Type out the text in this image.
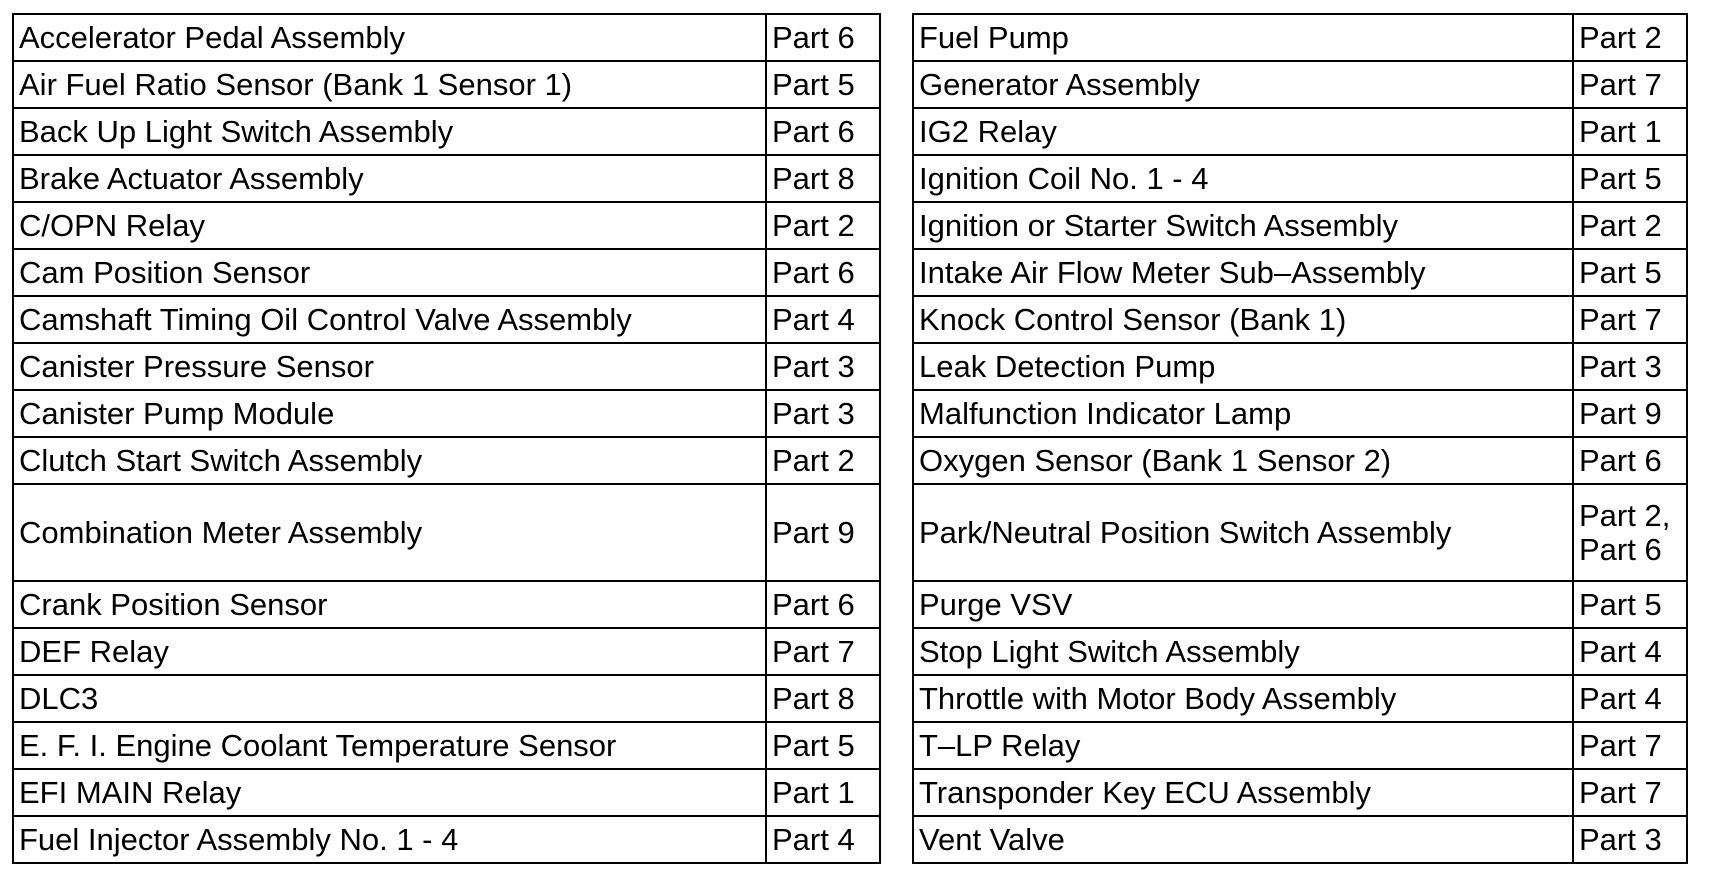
Accelerator Pedal Assembly	Part 6
Air Fuel Ratio Sensor (Bank 1 Sensor 1)	Part 5
Back Up Light Switch Assembly	Part 6
Brake Actuator Assembly	Part 8
C/OPN Relay	Part 2
Cam Position Sensor	Part 6
Camshaft Timing Oil Control Valve Assembly	Part 4
Canister Pressure Sensor	Part 3
Canister Pump Module	Part 3
Clutch Start Switch Assembly	Part 2
Combination Meter Assembly	Part 9
Crank Position Sensor	Part 6
DEF Relay	Part 7
DLC3	Part 8
E. F. I. Engine Coolant Temperature Sensor	Part 5
EFI MAIN Relay	Part 1
Fuel Injector Assembly No. 1 - 4	Part 4
Fuel Pump	Part 2
Generator Assembly	Part 7
IG2 Relay	Part 1
Ignition Coil No. 1 - 4	Part 5
Ignition or Starter Switch Assembly	Part 2
Intake Air Flow Meter Sub–Assembly	Part 5
Knock Control Sensor (Bank 1)	Part 7
Leak Detection Pump	Part 3
Malfunction Indicator Lamp	Part 9
Oxygen Sensor (Bank 1 Sensor 2)	Part 6
Park/Neutral Position Switch Assembly	Part 2, Part 6
Purge VSV	Part 5
Stop Light Switch Assembly	Part 4
Throttle with Motor Body Assembly	Part 4
T–LP Relay	Part 7
Transponder Key ECU Assembly	Part 7
Vent Valve	Part 3
